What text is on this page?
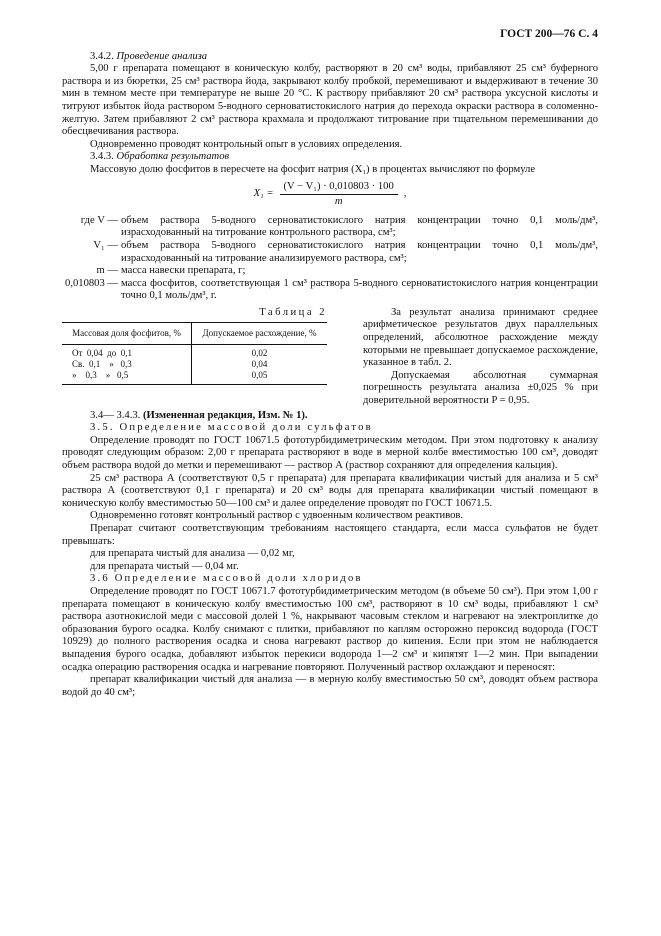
ГОСТ 200—76 С. 4

3.4.2. Проведение анализа

5,00 г препарата помещают в коническую колбу, растворяют в 20 см³ воды, прибавляют 25 см³ буферного раствора и из бюретки, 25 см³ раствора йода, закрывают колбу пробкой, перемешивают и выдерживают в течение 30 мин в темном месте при температуре не выше 20 °С. К раствору прибавляют 20 см³ раствора уксусной кислоты и титруют избыток йода раствором 5-водного серноватистокислого натрия до перехода окраски раствора в соломенно-желтую. Затем прибавляют 2 см³ раствора крахмала и продолжают титрование при тщательном перемешивании до обесцвечивания раствора.

Одновременно проводят контрольный опыт в условиях определения.

3.4.3. Обработка результатов

Массовую долю фосфитов в пересчете на фосфит натрия (X₁) в процентах вычисляют по формуле

$X_1 = \frac{\text{(V − V₁) · 0,010803 · 100}}{m}$ ,
где V — объем раствора 5-водного серноватистокислого натрия концентрации точно 0,1 моль/дм³, израсходованный на титрование контрольного раствора, см³;
V₁ — объем раствора 5-водного серноватистокислого натрия концентрации точно 0,1 моль/дм³, израсходованный на титрование анализируемого раствора, см³;
m — масса навески препарата, г;
0,010803 — масса фосфитов, соответствующая 1 см³ раствора 5-водного серноватистокислого натрия концентрации точно 0,1 моль/дм³, г.
Таблица 2
Массовая доля фосфитов, %	Допускаемое расхождение, %
От  0,04  до  0,1	0,02
Св.  0,1    »   0,3	0,04
»    0,3    »   0,5	0,05

За результат анализа принимают среднее арифметическое результатов двух параллельных определений, абсолютное расхождение между которыми не превышает допускаемое расхождение, указанное в табл. 2.

Допускаемая абсолютная суммарная погрешность результата анализа ±0,025 % при доверительной вероятности P = 0,95.

3.4— 3.4.3. (Измененная редакция, Изм. № 1).

3.5. Определение массовой доли сульфатов

Определение проводят по ГОСТ 10671.5 фототурбидиметрическим методом. При этом подготовку к анализу проводят следующим образом: 2,00 г препарата растворяют в воде в мерной колбе вместимостью 100 см³, доводят объем раствора водой до метки и перемешивают — раствор А (раствор сохраняют для определения кальция).

25 см³ раствора А (соответствуют 0,5 г препарата) для препарата квалификации чистый для анализа и 5 см³ раствора А (соответствуют 0,1 г препарата) и 20 см³ воды для препарата квалификации чистый помещают в коническую колбу вместимостью 50—100 см³ и далее определение проводят по ГОСТ 10671.5.

Одновременно готовят контрольный раствор с удвоенным количеством реактивов.

Препарат считают соответствующим требованиям настоящего стандарта, если масса сульфатов не будет превышать:

для препарата чистый для анализа — 0,02 мг,

для препарата чистый — 0,04 мг.

3.6 Определение массовой доли хлоридов

Определение проводят по ГОСТ 10671.7 фототурбидиметрическим методом (в объеме 50 см³). При этом 1,00 г препарата помещают в коническую колбу вместимостью 100 см³, растворяют в 10 см³ воды, прибавляют 1 см³ раствора азотнокислой меди с массовой долей 1 %, накрывают часовым стеклом и нагревают на электроплитке до образования бурого осадка. Колбу снимают с плитки, прибавляют по каплям осторожно пероксид водорода (ГОСТ 10929) до полного растворения осадка и снова нагревают раствор до кипения. Если при этом не наблюдается выпадения бурого осадка, добавляют избыток перекиси водорода 1—2 см³ и кипятят 1—2 мин. При выпадении осадка операцию растворения осадка и нагревание повторяют. Полученный раствор охлаждают и переносят:

препарат квалификации чистый для анализа — в мерную колбу вместимостью 50 см³, доводят объем раствора водой до 40 см³;
